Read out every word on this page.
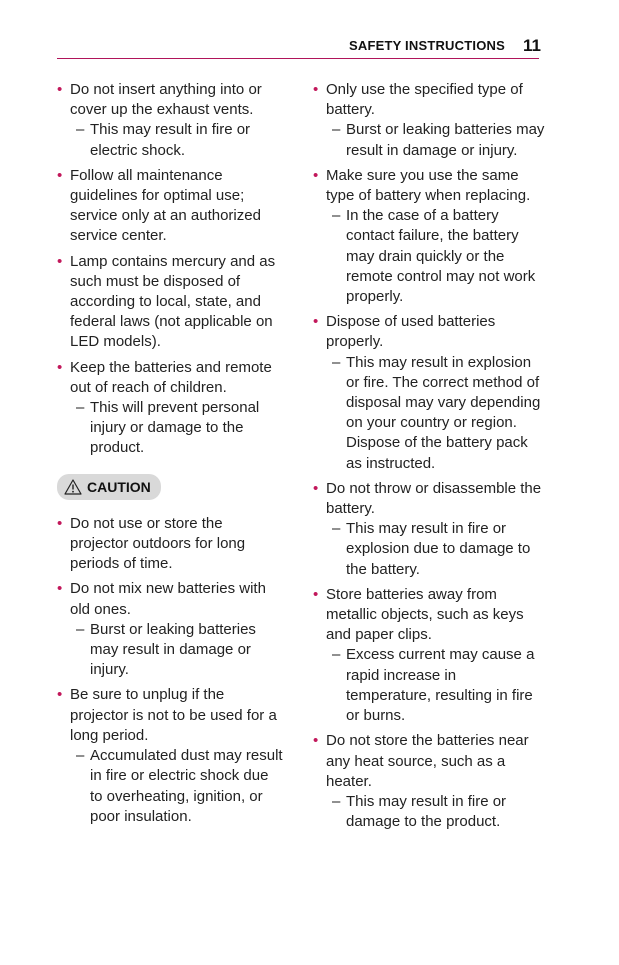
SAFETY INSTRUCTIONS 11
• Do not insert anything into or cover up the exhaust vents.
– This may result in fire or electric shock.
• Follow all maintenance guidelines for optimal use; service only at an authorized service center.
• Lamp contains mercury and as such must be disposed of according to local, state, and federal laws (not applicable on LED models).
• Keep the batteries and remote out of reach of children.
– This will prevent personal injury or damage to the product.
CAUTION
• Do not use or store the projector outdoors for long periods of time.
• Do not mix new batteries with old ones.
– Burst or leaking batteries may result in damage or injury.
• Be sure to unplug if the projector is not to be used for a long period.
– Accumulated dust may result in fire or electric shock due to overheating, ignition, or poor insulation.
• Only use the specified type of battery.
– Burst or leaking batteries may result in damage or injury.
• Make sure you use the same type of battery when replacing.
– In the case of a battery contact failure, the battery may drain quickly or the remote control may not work properly.
• Dispose of used batteries properly.
– This may result in explosion or fire. The correct method of disposal may vary depending on your country or region. Dispose of the battery pack as instructed.
• Do not throw or disassemble the battery.
– This may result in fire or explosion due to damage to the battery.
• Store batteries away from metallic objects, such as keys and paper clips.
– Excess current may cause a rapid increase in temperature, resulting in fire or burns.
• Do not store the batteries near any heat source, such as a heater.
– This may result in fire or damage to the product.
